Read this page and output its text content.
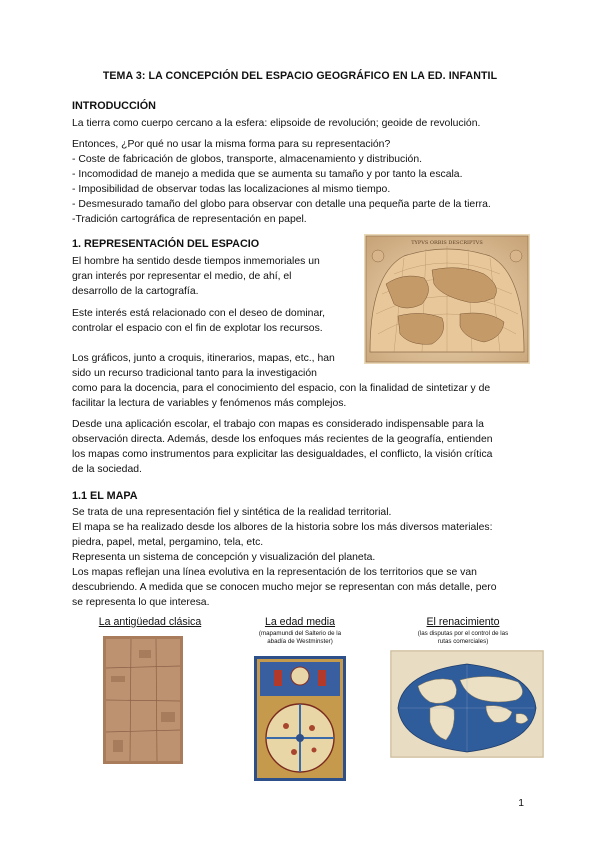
TEMA 3: LA CONCEPCIÓN DEL ESPACIO GEOGRÁFICO EN LA ED. INFANTIL
INTRODUCCIÓN

La tierra como cuerpo cercano a la esfera: elipsoide de revolución; geoide de revolución.

Entonces, ¿Por qué no usar la misma forma para su representación?
- Coste de fabricación de globos, transporte, almacenamiento y distribución.
- Incomodidad de manejo a medida que se aumenta su tamaño y por tanto la escala.
- Imposibilidad de observar todas las localizaciones al mismo tiempo.
- Desmesurado tamaño del globo para observar con detalle una pequeña parte de la tierra.
-Tradición cartográfica de representación en papel.

1. REPRESENTACIÓN DEL ESPACIO

El hombre ha sentido desde tiempos inmemoriales un
gran interés por representar el medio, de ahí, el
desarrollo de la cartografía.

Este interés está relacionado con el deseo de dominar,
controlar el espacio con el fin de explotar los recursos.

Los gráficos, junto a croquis, itinerarios, mapas, etc., han
sido un recurso tradicional tanto para la investigación
como para la docencia, para el conocimiento del espacio, con la finalidad de sintetizar y de
facilitar la lectura de variables y fenómenos más complejos.

Desde una aplicación escolar, el trabajo con mapas es considerado indispensable para la
observación directa. Además, desde los enfoques más recientes de la geografía, entienden
los mapas como instrumentos para explicitar las desigualdades, el conflicto, la visión crítica
de la sociedad.

TYPVS ORBIS DESCRIPTVS
1.1 EL MAPA

Se trata de una representación fiel y sintética de la realidad territorial.
El mapa se ha realizado desde los albores de la historia sobre los más diversos materiales:
piedra, papel, metal, pergamino, tela, etc.
Representa un sistema de concepción y visualización del planeta.
Los mapas reflejan una línea evolutiva en la representación de los territorios que se van
descubriendo. A medida que se conocen mucho mejor se representan con más detalle, pero
se representa lo que interesa.

La antigüedad clásica	La edad media
(mapamundi del Salterio de la
abadía de Westminster)
El renacimiento
(las disputas por el control de las
rutas comerciales)
1
